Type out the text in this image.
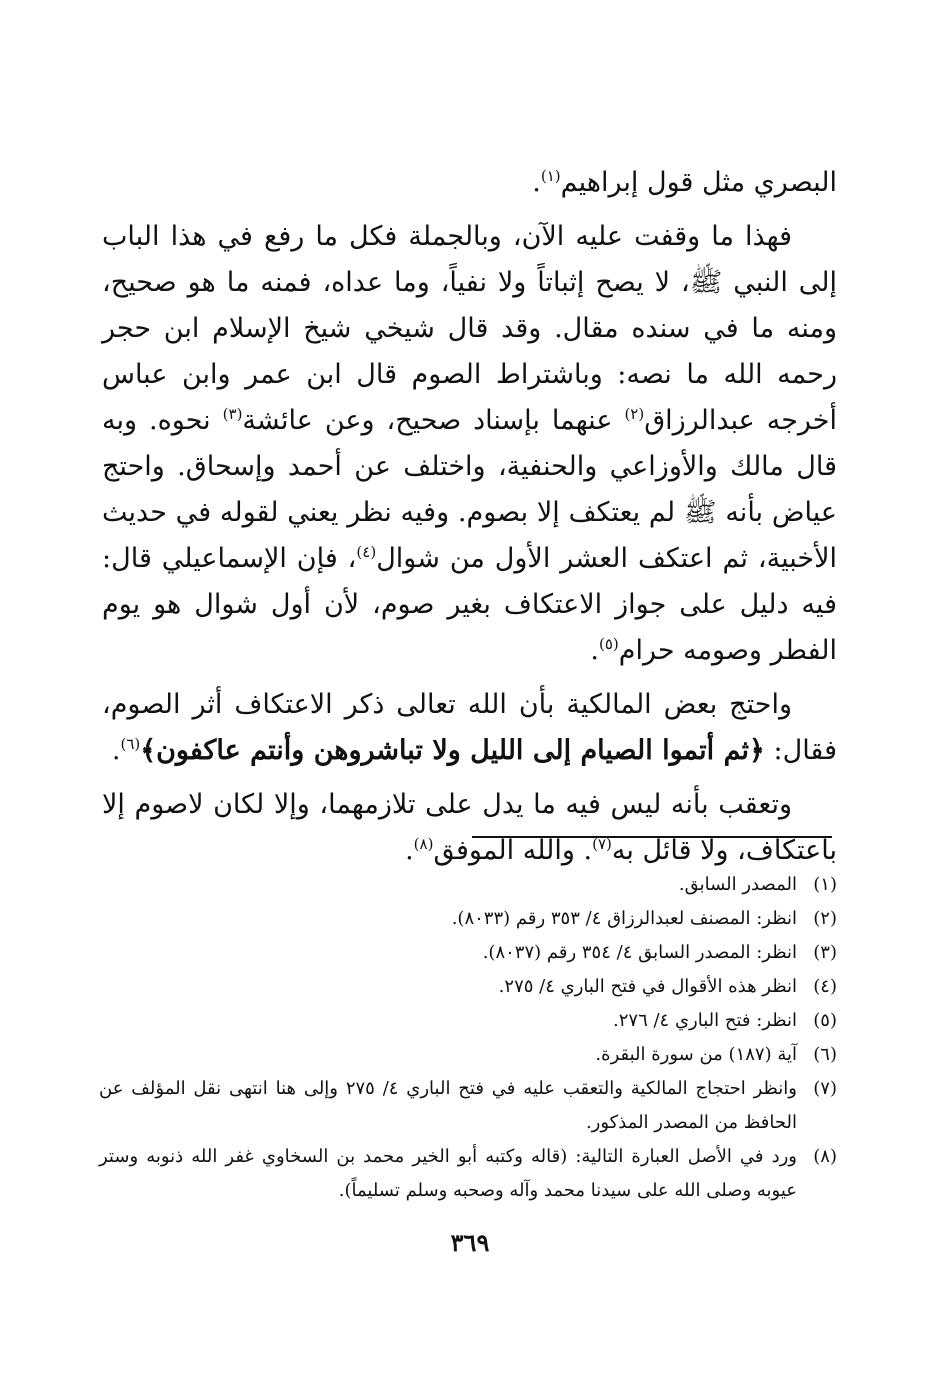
البصري مثل قول إبراهيم$^{(١)}$.

فهذا ما وقفت عليه الآن، وبالجملة فكل ما رفع في هذا الباب إلى النبي ﷺ، لا يصح إثباتاً ولا نفياً، وما عداه، فمنه ما هو صحيح، ومنه ما في سنده مقال. وقد قال شيخي شيخ الإسلام ابن حجر رحمه الله ما نصه: وباشتراط الصوم قال ابن عمر وابن عباس أخرجه عبدالرزاق$^{(٢)}$ عنهما بإسناد صحيح، وعن عائشة$^{(٣)}$ نحوه. وبه قال مالك والأوزاعي والحنفية، واختلف عن أحمد وإسحاق. واحتج عياض بأنه ﷺ لم يعتكف إلا بصوم. وفيه نظر يعني لقوله في حديث الأخبية، ثم اعتكف العشر الأول من شوال$^{(٤)}$، فإن الإسماعيلي قال: فيه دليل على جواز الاعتكاف بغير صوم، لأن أول شوال هو يوم الفطر وصومه حرام$^{(٥)}$.

واحتج بعض المالكية بأن الله تعالى ذكر الاعتكاف أثر الصوم، فقال: ﴿ثم أتموا الصيام إلى الليل ولا تباشروهن وأنتم عاكفون﴾$^{(٦)}$.

وتعقب بأنه ليس فيه ما يدل على تلازمهما، وإلا لكان لاصوم إلا باعتكاف، ولا قائل به$^{(٧)}$. والله الموفق$^{(٨)}$.

(١)
المصدر السابق.
(٢)
انظر: المصنف لعبدالرزاق ٤/ ٣٥٣ رقم (٨٠٣٣).
(٣)
انظر: المصدر السابق ٤/ ٣٥٤ رقم (٨٠٣٧).
(٤)
انظر هذه الأقوال في فتح الباري ٤/ ٢٧٥.
(٥)
انظر: فتح الباري ٤/ ٢٧٦.
(٦)
آية (١٨٧) من سورة البقرة.
(٧)
وانظر احتجاج المالكية والتعقب عليه في فتح الباري ٤/ ٢٧٥ وإلى هنا انتهى نقل المؤلف عن الحافظ من المصدر المذكور.
(٨)
ورد في الأصل العبارة التالية: (قاله وكتبه أبو الخير محمد بن السخاوي غفر الله ذنوبه وستر عيوبه وصلى الله على سيدنا محمد وآله وصحبه وسلم تسليماً).
٣٦٩
